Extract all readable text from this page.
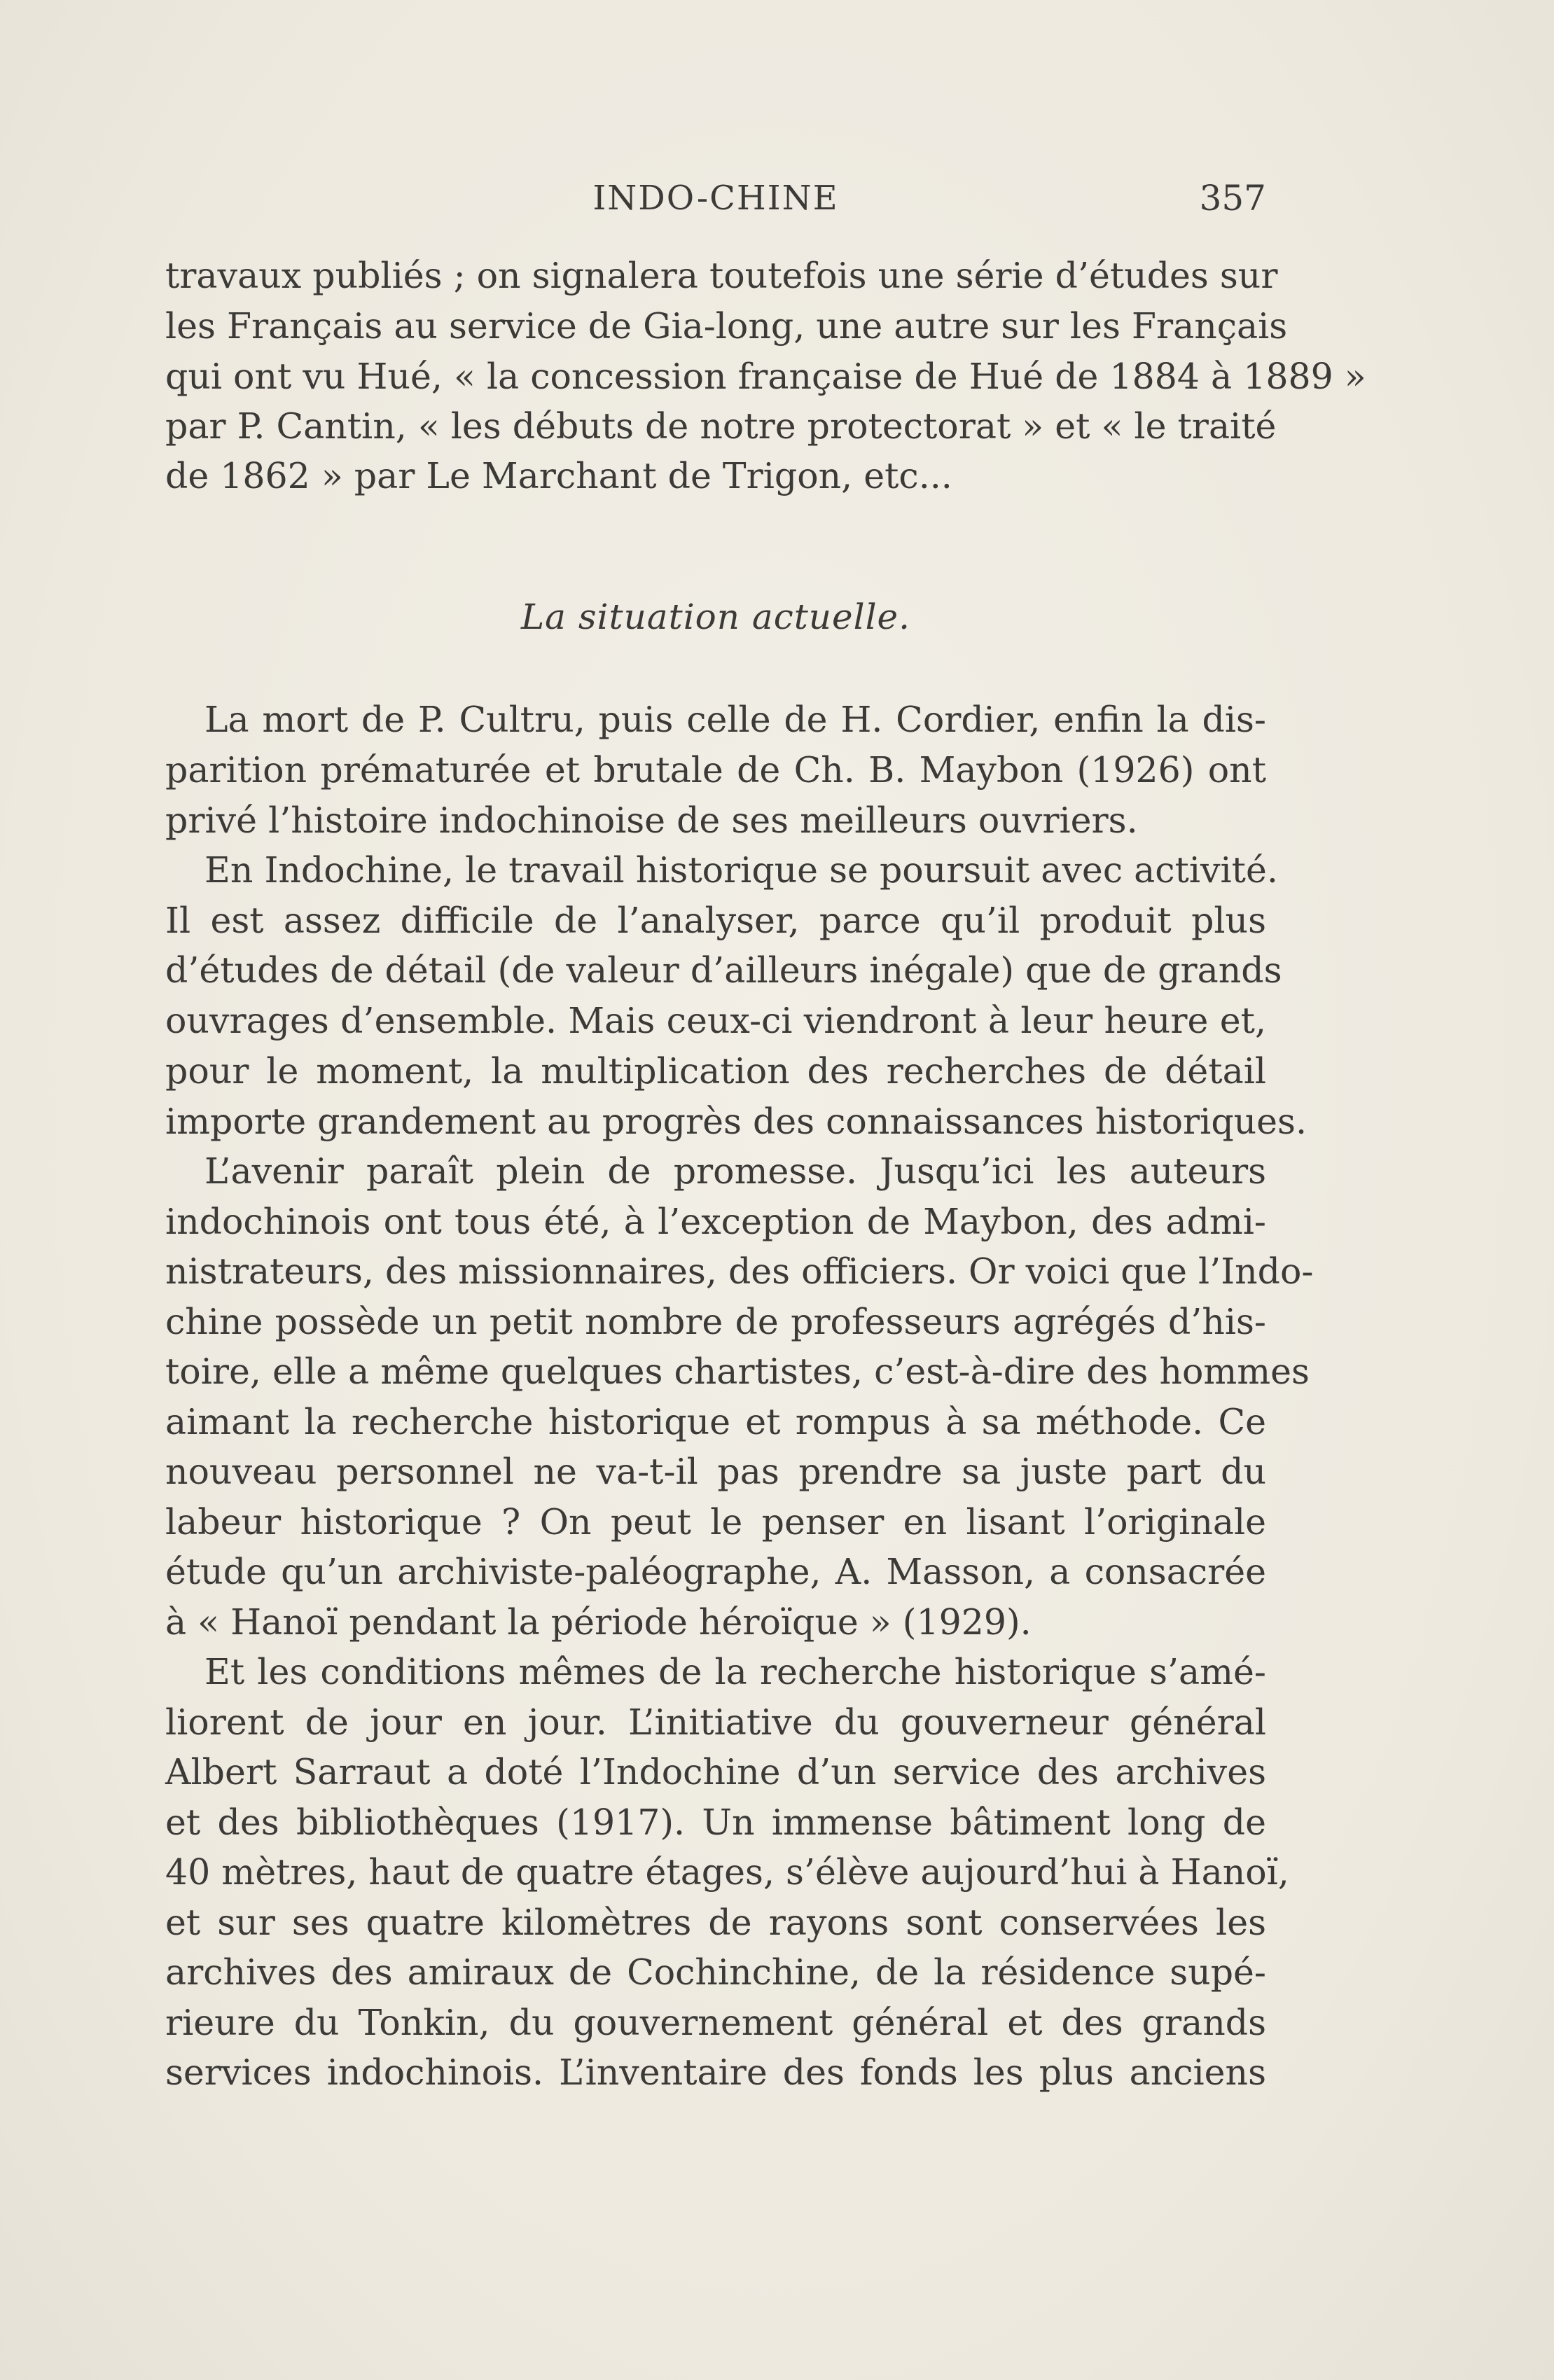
INDO-CHINE	357
travaux publiés ; on signalera toutefois une série d’études sur
les Français au service de Gia-long, une autre sur les Français
qui ont vu Hué, « la concession française de Hué de 1884 à 1889 »
par P. Cantin, « les débuts de notre protectorat » et « le traité
de 1862 » par Le Marchant de Trigon, etc...
La situation actuelle.
La mort de P. Cultru, puis celle de H. Cordier, enfin la dis-
parition prématurée et brutale de Ch. B. Maybon (1926) ont
privé l’histoire indochinoise de ses meilleurs ouvriers.
En Indochine, le travail historique se poursuit avec activité.
Il est assez difficile de l’analyser, parce qu’il produit plus
d’études de détail (de valeur d’ailleurs inégale) que de grands
ouvrages d’ensemble. Mais ceux-ci viendront à leur heure et,
pour le moment, la multiplication des recherches de détail
importe grandement au progrès des connaissances historiques.
L’avenir paraît plein de promesse. Jusqu’ici les auteurs
indochinois ont tous été, à l’exception de Maybon, des admi-
nistrateurs, des missionnaires, des officiers. Or voici que l’Indo-
chine possède un petit nombre de professeurs agrégés d’his-
toire, elle a même quelques chartistes, c’est-à-dire des hommes
aimant la recherche historique et rompus à sa méthode. Ce
nouveau personnel ne va-t-il pas prendre sa juste part du
labeur historique ? On peut le penser en lisant l’originale
étude qu’un archiviste-paléographe, A. Masson, a consacrée
à « Hanoï pendant la période héroïque » (1929).
Et les conditions mêmes de la recherche historique s’amé-
liorent de jour en jour. L’initiative du gouverneur général
Albert Sarraut a doté l’Indochine d’un service des archives
et des bibliothèques (1917). Un immense bâtiment long de
40 mètres, haut de quatre étages, s’élève aujourd’hui à Hanoï,
et sur ses quatre kilomètres de rayons sont conservées les
archives des amiraux de Cochinchine, de la résidence supé-
rieure du Tonkin, du gouvernement général et des grands
services indochinois. L’inventaire des fonds les plus anciens
